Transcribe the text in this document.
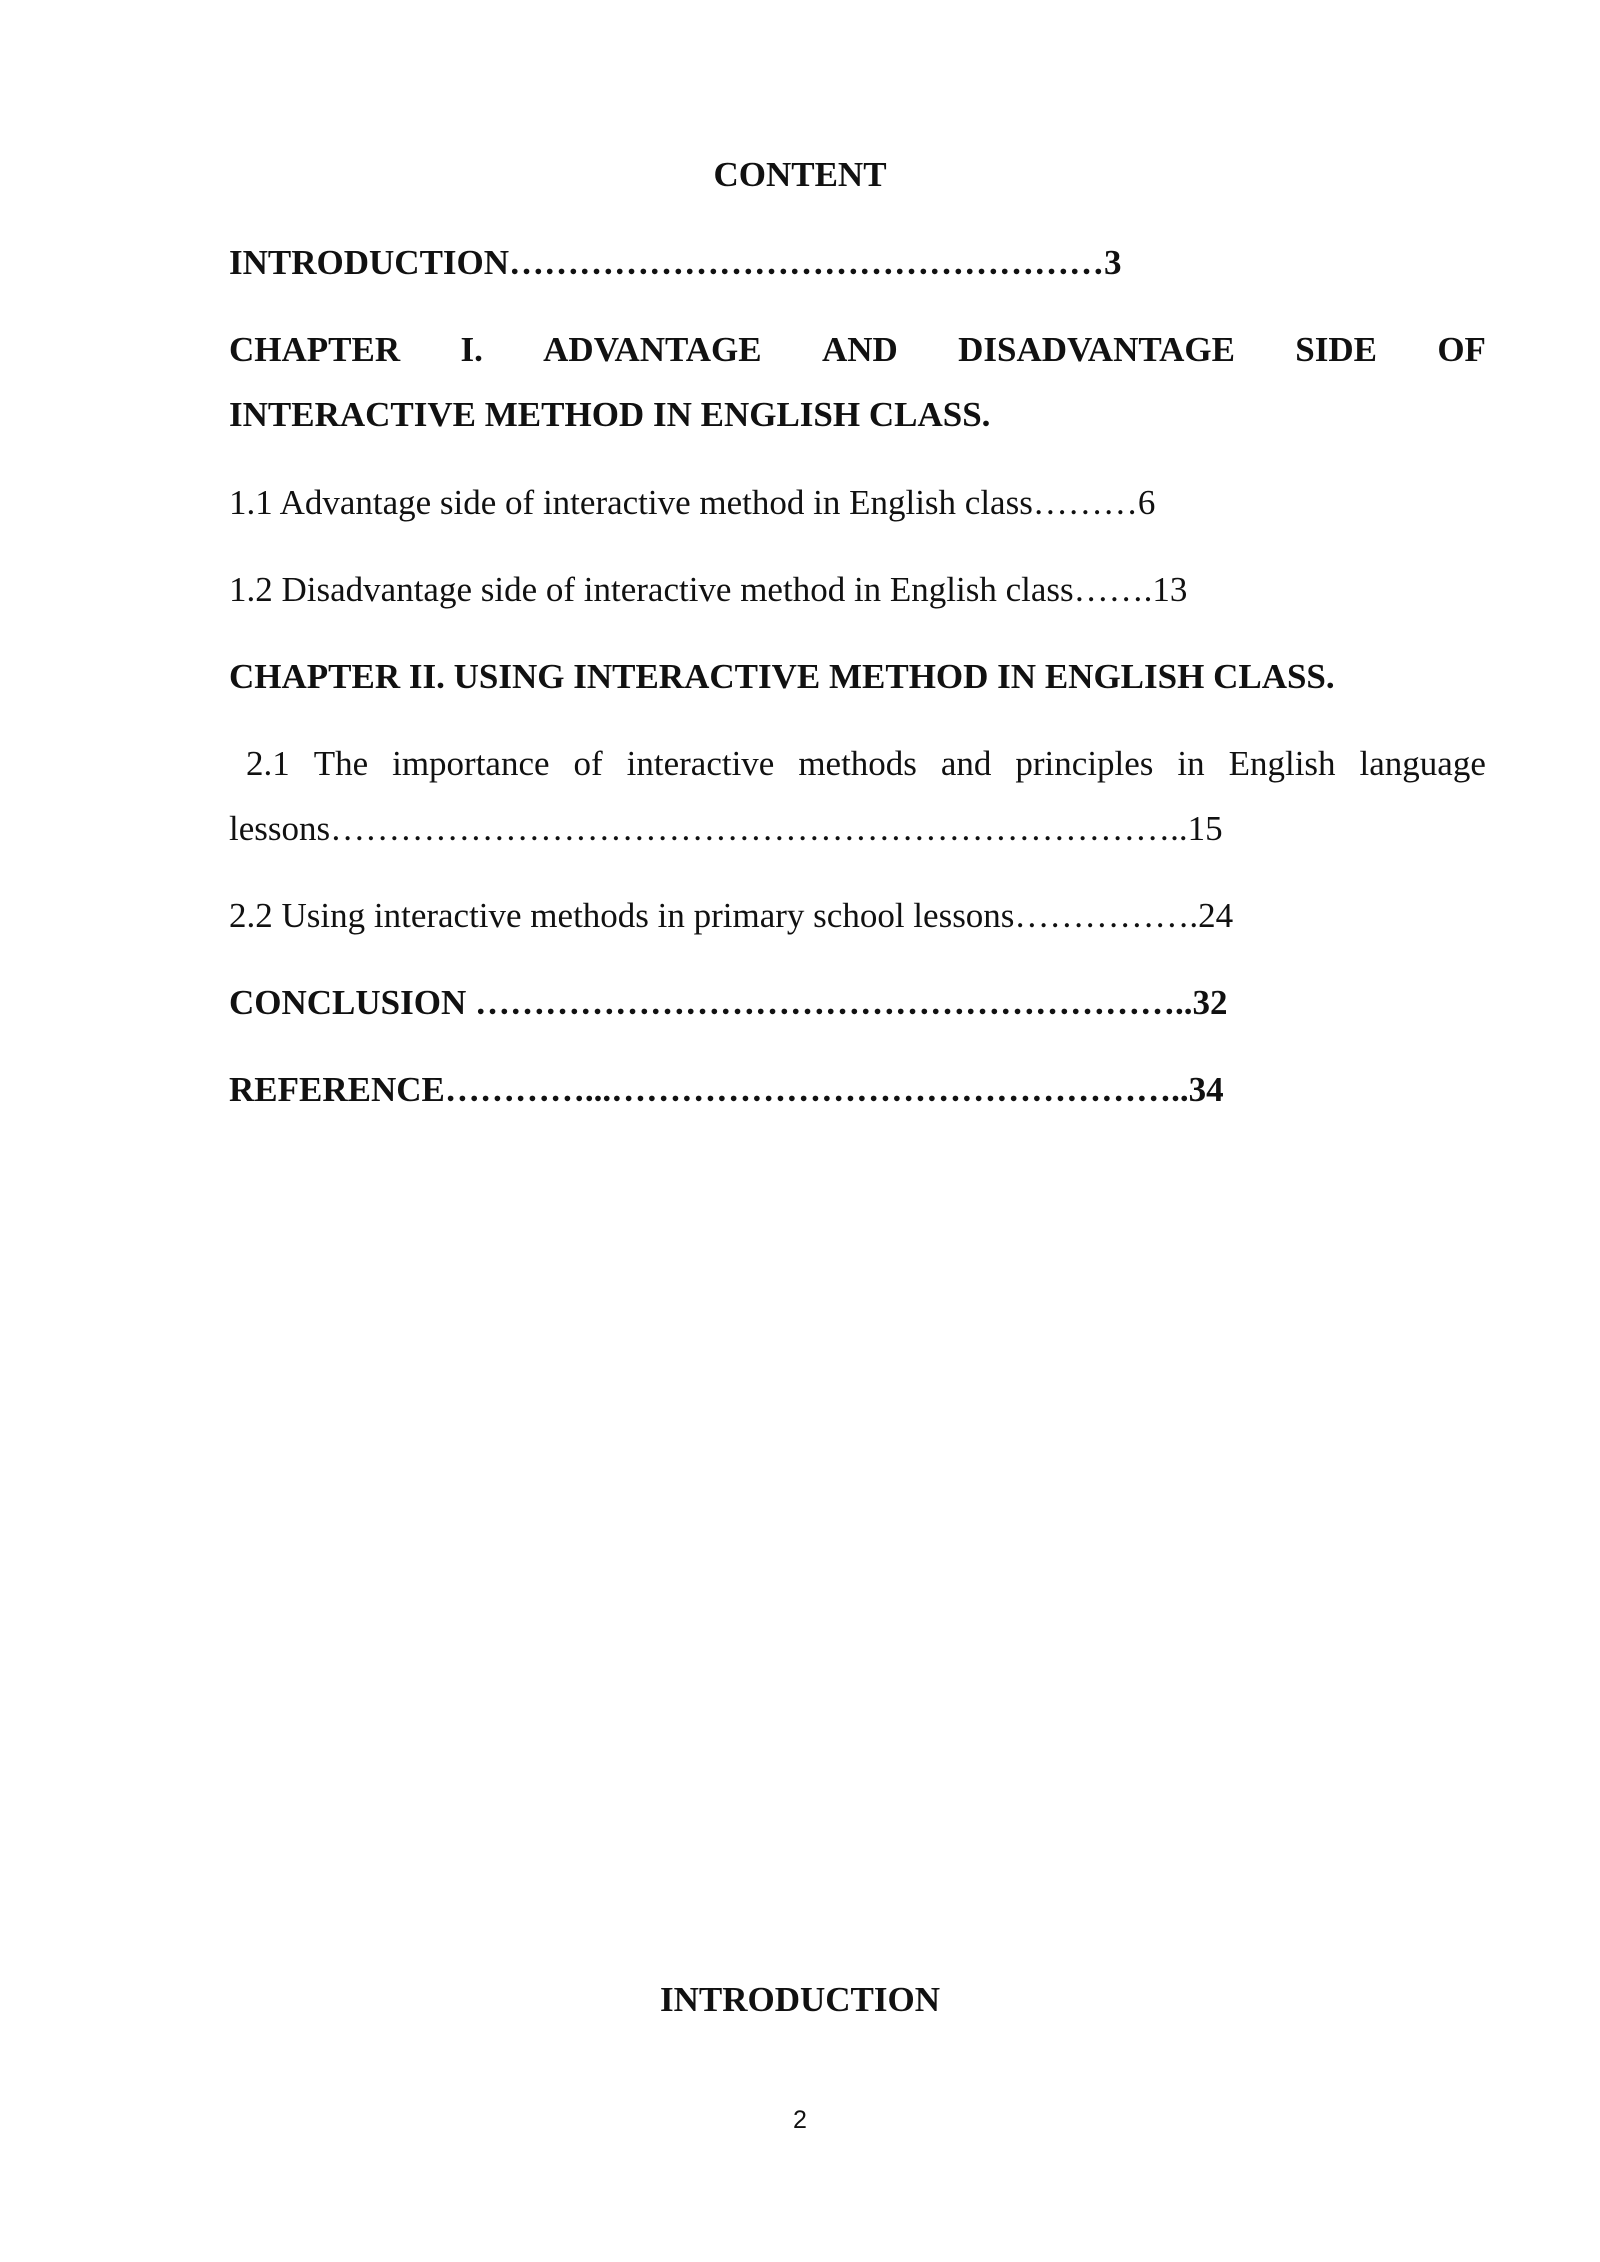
CONTENT
INTRODUCTION……………………………………………3
CHAPTER I. ADVANTAGE AND DISADVANTAGE SIDE OF
INTERACTIVE METHOD IN ENGLISH CLASS.
1.1 Advantage side of interactive method in English class………6
1.2 Disadvantage side of interactive method in English class…….13
CHAPTER II. USING INTERACTIVE METHOD IN ENGLISH CLASS.
2.1 The importance of interactive methods and principles in English language
lessons………………………………………………………………..15
2.2 Using interactive methods in primary school lessons…………….24
CONCLUSION ……………………………………………………..32
REFERENCE…………...…………………………………………..34
INTRODUCTION
2
